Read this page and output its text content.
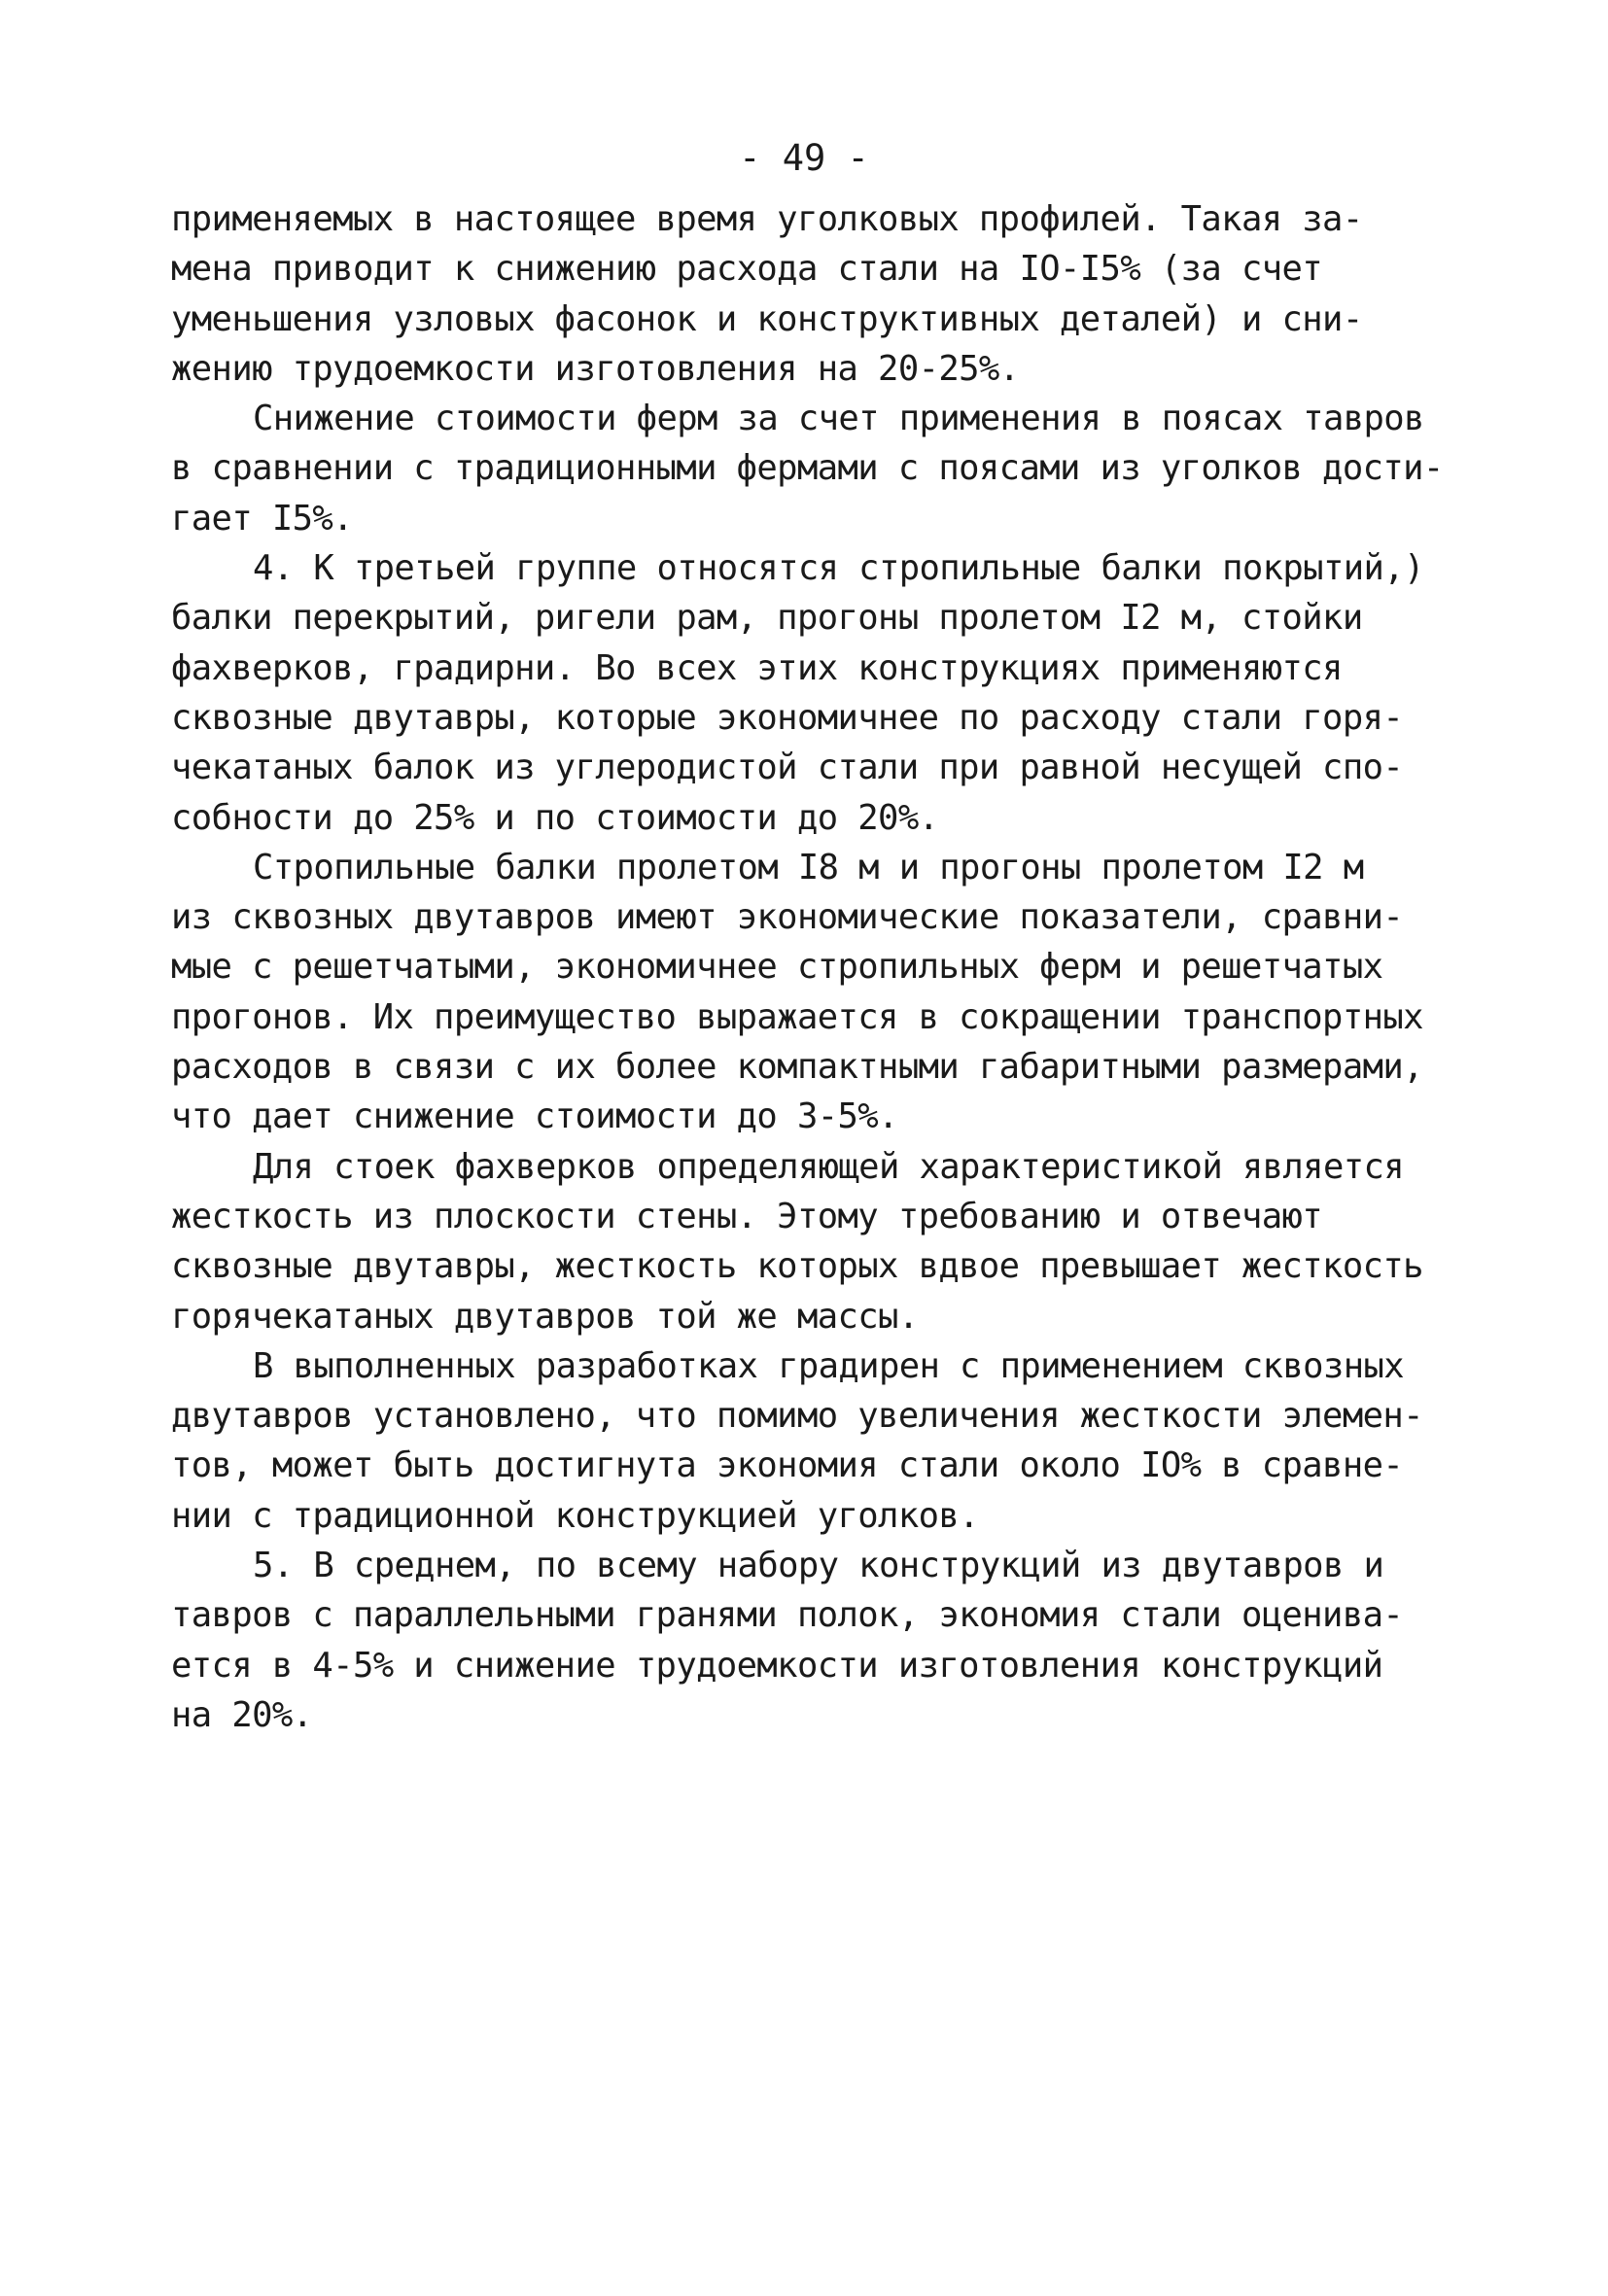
- 49 -
применяемых в настоящее время уголковых профилей. Такая за-
мена приводит к снижению расхода стали на IO-I5% (за счет
уменьшения узловых фасонок и конструктивных деталей) и сни-
жению трудоемкости изготовления на 20-25%.
Снижение стоимости ферм за счет применения в поясах тавров
в сравнении с традиционными фермами с поясами из уголков дости-
гает I5%.
4. К третьей группе относятся стропильные балки покрытий,)
балки перекрытий, ригели рам, прогоны пролетом I2 м, стойки
фахверков, градирни. Во всех этих конструкциях применяются
сквозные двутавры, которые экономичнее по расходу стали горя-
чекатаных балок из углеродистой стали при равной несущей спо-
собности до 25% и по стоимости до 20%.
Стропильные балки пролетом I8 м и прогоны пролетом I2 м
из сквозных двутавров имеют экономические показатели, сравни-
мые с решетчатыми, экономичнее стропильных ферм и решетчатых
прогонов. Их преимущество выражается в сокращении транспортных
расходов в связи с их более компактными габаритными размерами,
что дает снижение стоимости до 3-5%.
Для стоек фахверков определяющей характеристикой является
жесткость из плоскости стены. Этому требованию и отвечают
сквозные двутавры, жесткость которых вдвое превышает жесткость
горячекатаных двутавров той же массы.
В выполненных разработках градирен с применением сквозных
двутавров установлено, что помимо увеличения жесткости элемен-
тов, может быть достигнута экономия стали около IO% в сравне-
нии с традиционной конструкцией уголков.
5. В среднем, по всему набору конструкций из двутавров и
тавров с параллельными гранями полок, экономия стали оценива-
ется в 4-5% и снижение трудоемкости изготовления конструкций
на 20%.
